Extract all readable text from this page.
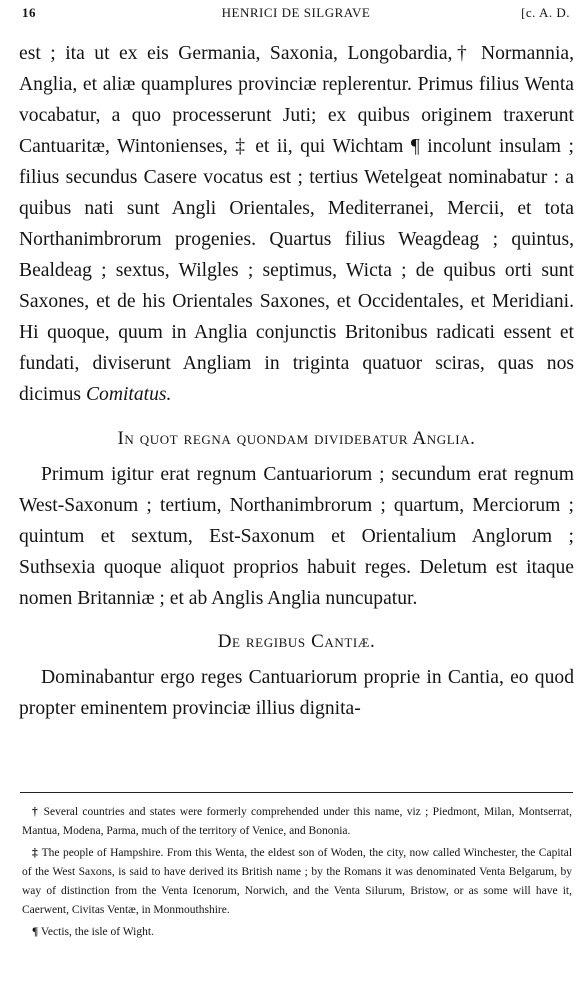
16	HENRICI DE SILGRAVE	[c. A. D.

est ; ita ut ex eis Germania, Saxonia, Longobardia,† Normannia, Anglia, et aliæ quamplures provinciæ replerentur. Primus filius Wenta vocabatur, a quo processerunt Juti; ex quibus originem traxerunt Cantuaritæ, Wintonienses, ‡ et ii, qui Wichtam ¶ incolunt insulam ; filius secundus Casere vocatus est ; tertius Wetelgeat nominabatur : a quibus nati sunt Angli Orientales, Mediterranei, Mercii, et tota Northanimbrorum progenies. Quartus filius Weagdeag ; quintus, Bealdeag ; sextus, Wilgles ; septimus, Wicta ; de quibus orti sunt Saxones, et de his Orientales Saxones, et Occidentales, et Meridiani. Hi quoque, quum in Anglia conjunctis Britonibus radicati essent et fundati, diviserunt Angliam in triginta quatuor sciras, quas nos dicimus Comitatus.

In quot regna quondam dividebatur Anglia.

Primum igitur erat regnum Cantuariorum ; secundum erat regnum West-Saxonum ; tertium, Northanimbrorum ; quartum, Merciorum ; quintum et sextum, Est-Saxonum et Orientalium Anglorum ; Suthsexia quoque aliquot proprios habuit reges. Deletum est itaque nomen Britanniæ ; et ab Anglis Anglia nuncupatur.

De regibus Cantiæ.

Dominabantur ergo reges Cantuariorum proprie in Cantia, eo quod propter eminentem provinciæ illius dignita-

† Several countries and states were formerly comprehended under this name, viz ; Piedmont, Milan, Montserrat, Mantua, Modena, Parma, much of the territory of Venice, and Bononia.

‡ The people of Hampshire. From this Wenta, the eldest son of Woden, the city, now called Winchester, the Capital of the West Saxons, is said to have derived its British name ; by the Romans it was denominated Venta Belgarum, by way of distinction from the Venta Icenorum, Norwich, and the Venta Silurum, Bristow, or as some will have it, Caerwent, Civitas Ventæ, in Monmouthshire.

¶ Vectis, the isle of Wight.
